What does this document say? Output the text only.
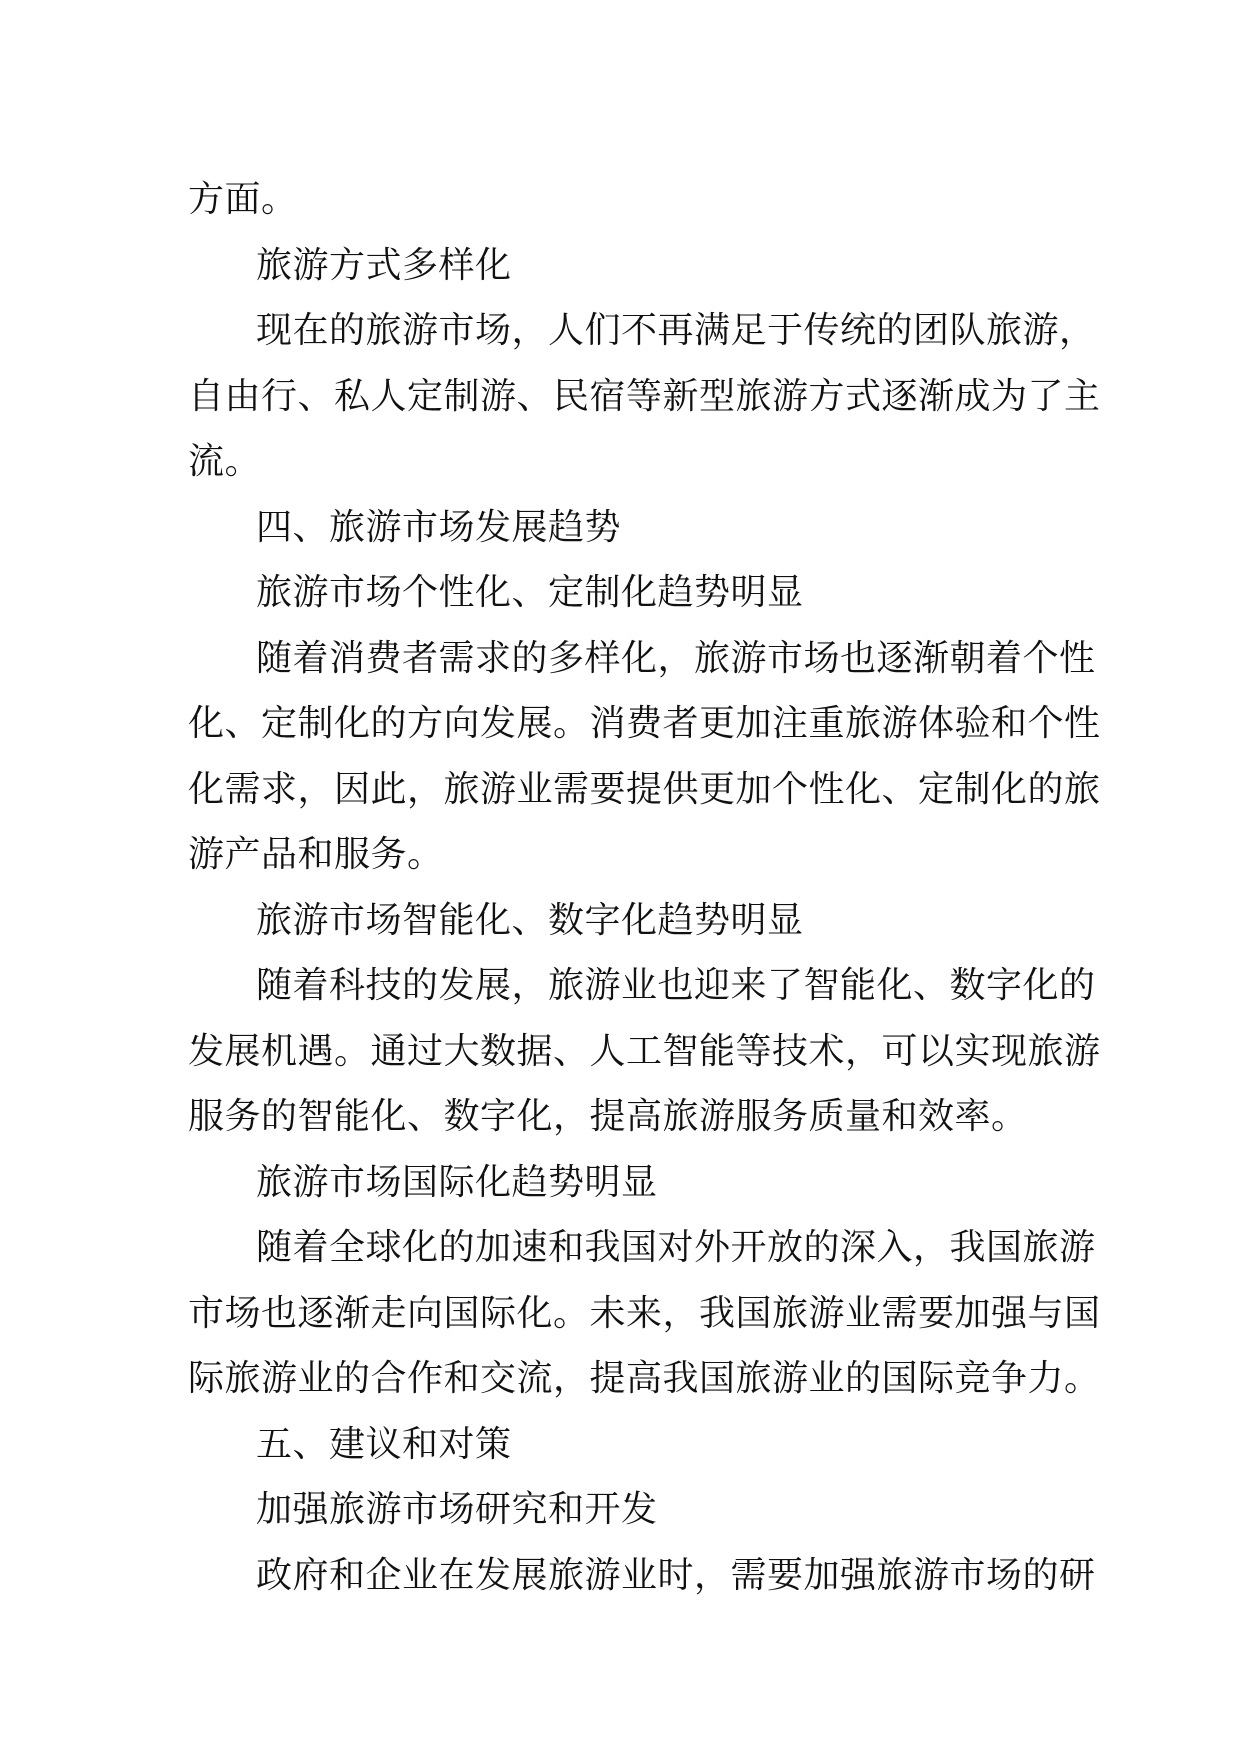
方面。
旅游方式多样化
现在的旅游市场，人们不再满足于传统的团队旅游，
自由行、私人定制游、民宿等新型旅游方式逐渐成为了主
流。
四、旅游市场发展趋势
旅游市场个性化、定制化趋势明显
随着消费者需求的多样化，旅游市场也逐渐朝着个性
化、定制化的方向发展。消费者更加注重旅游体验和个性
化需求，因此，旅游业需要提供更加个性化、定制化的旅
游产品和服务。
旅游市场智能化、数字化趋势明显
随着科技的发展，旅游业也迎来了智能化、数字化的
发展机遇。通过大数据、人工智能等技术，可以实现旅游
服务的智能化、数字化，提高旅游服务质量和效率。
旅游市场国际化趋势明显
随着全球化的加速和我国对外开放的深入，我国旅游
市场也逐渐走向国际化。未来，我国旅游业需要加强与国
际旅游业的合作和交流，提高我国旅游业的国际竞争力。
五、建议和对策
加强旅游市场研究和开发
政府和企业在发展旅游业时，需要加强旅游市场的研
